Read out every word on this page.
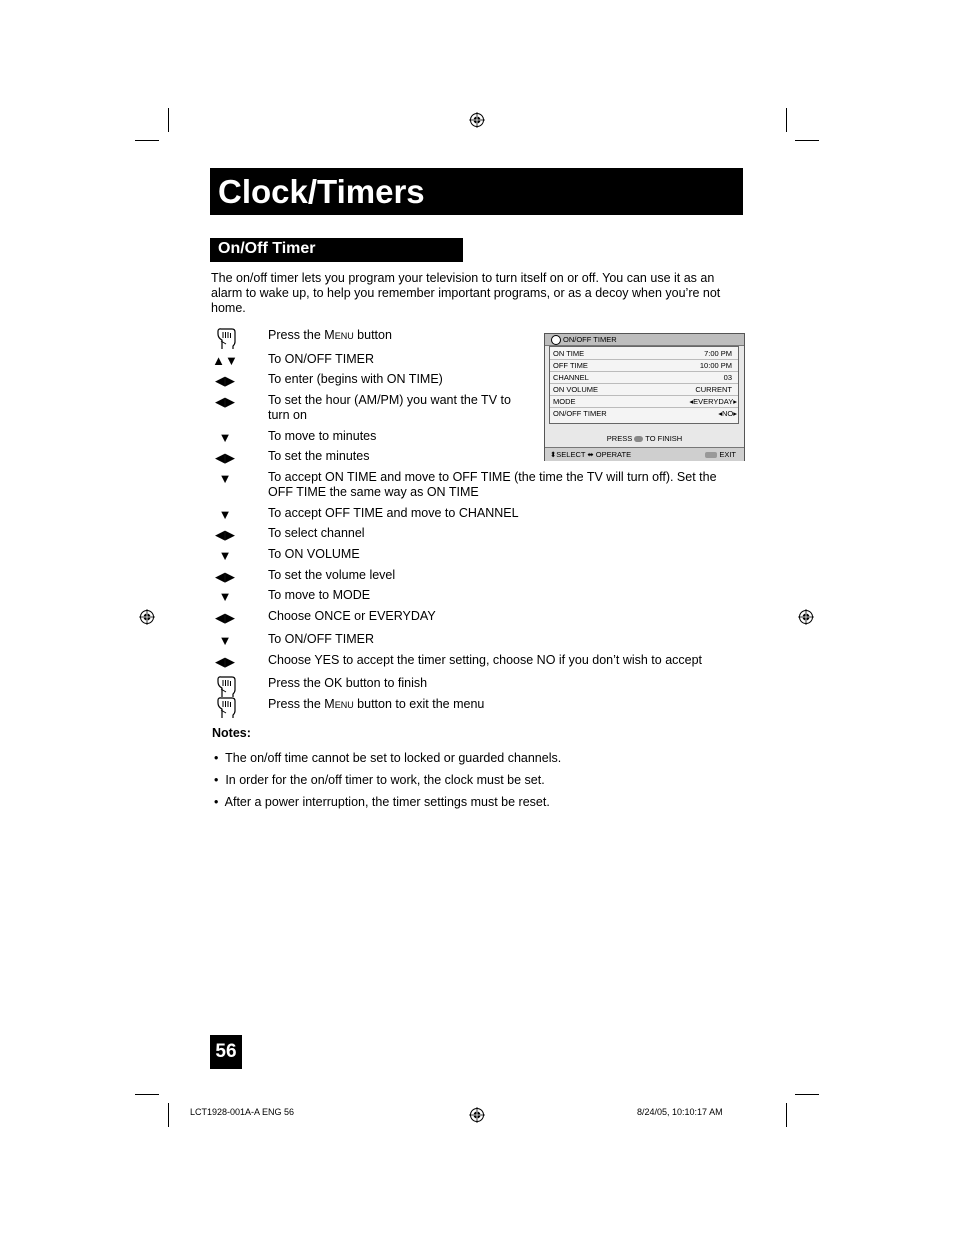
Clock/Timers
On/Off Timer
The on/off timer lets you program your television to turn itself on or off. You can use it as an alarm to wake up, to help you remember important programs, or as a decoy when you’re not home.
Press the Menu button
▲▼ To ON/OFF TIMER
◀▶	To enter (begins with ON TIME)
◀▶	To set the hour (AM/PM) you want the TV to turn on
▼	To move to minutes
◀▶	To set the minutes
▼	To accept ON TIME and move to OFF TIME (the time the TV will turn off). Set the OFF TIME the same way as ON TIME
▼	To accept OFF TIME and move to CHANNEL
◀▶	To select channel
▼	To ON VOLUME
◀▶	To set the volume level
▼	To move to MODE
◀▶	Choose ONCE or EVERYDAY
▼	To ON/OFF TIMER
◀▶	Choose YES to accept the timer setting, choose NO if you don’t wish to accept
Press the OK button to finish
Press the Menu button to exit the menu
ON/OFF TIMER
ON TIME	7:00 PM
OFF TIME	10:00 PM
CHANNEL	03
ON VOLUME	CURRENT
MODE	◂EVERYDAY▸
ON/OFF TIMER	◂NO▸
PRESS TO FINISH
⬍SELECT ⬌ OPERATE	EXIT
Notes:
•  The on/off time cannot be set to locked or guarded channels.
•  In order for the on/off timer to work, the clock must be set.
•  After a power interruption, the timer settings must be reset.
56
LCT1928-001A-A ENG 56	8/24/05, 10:10:17 AM
